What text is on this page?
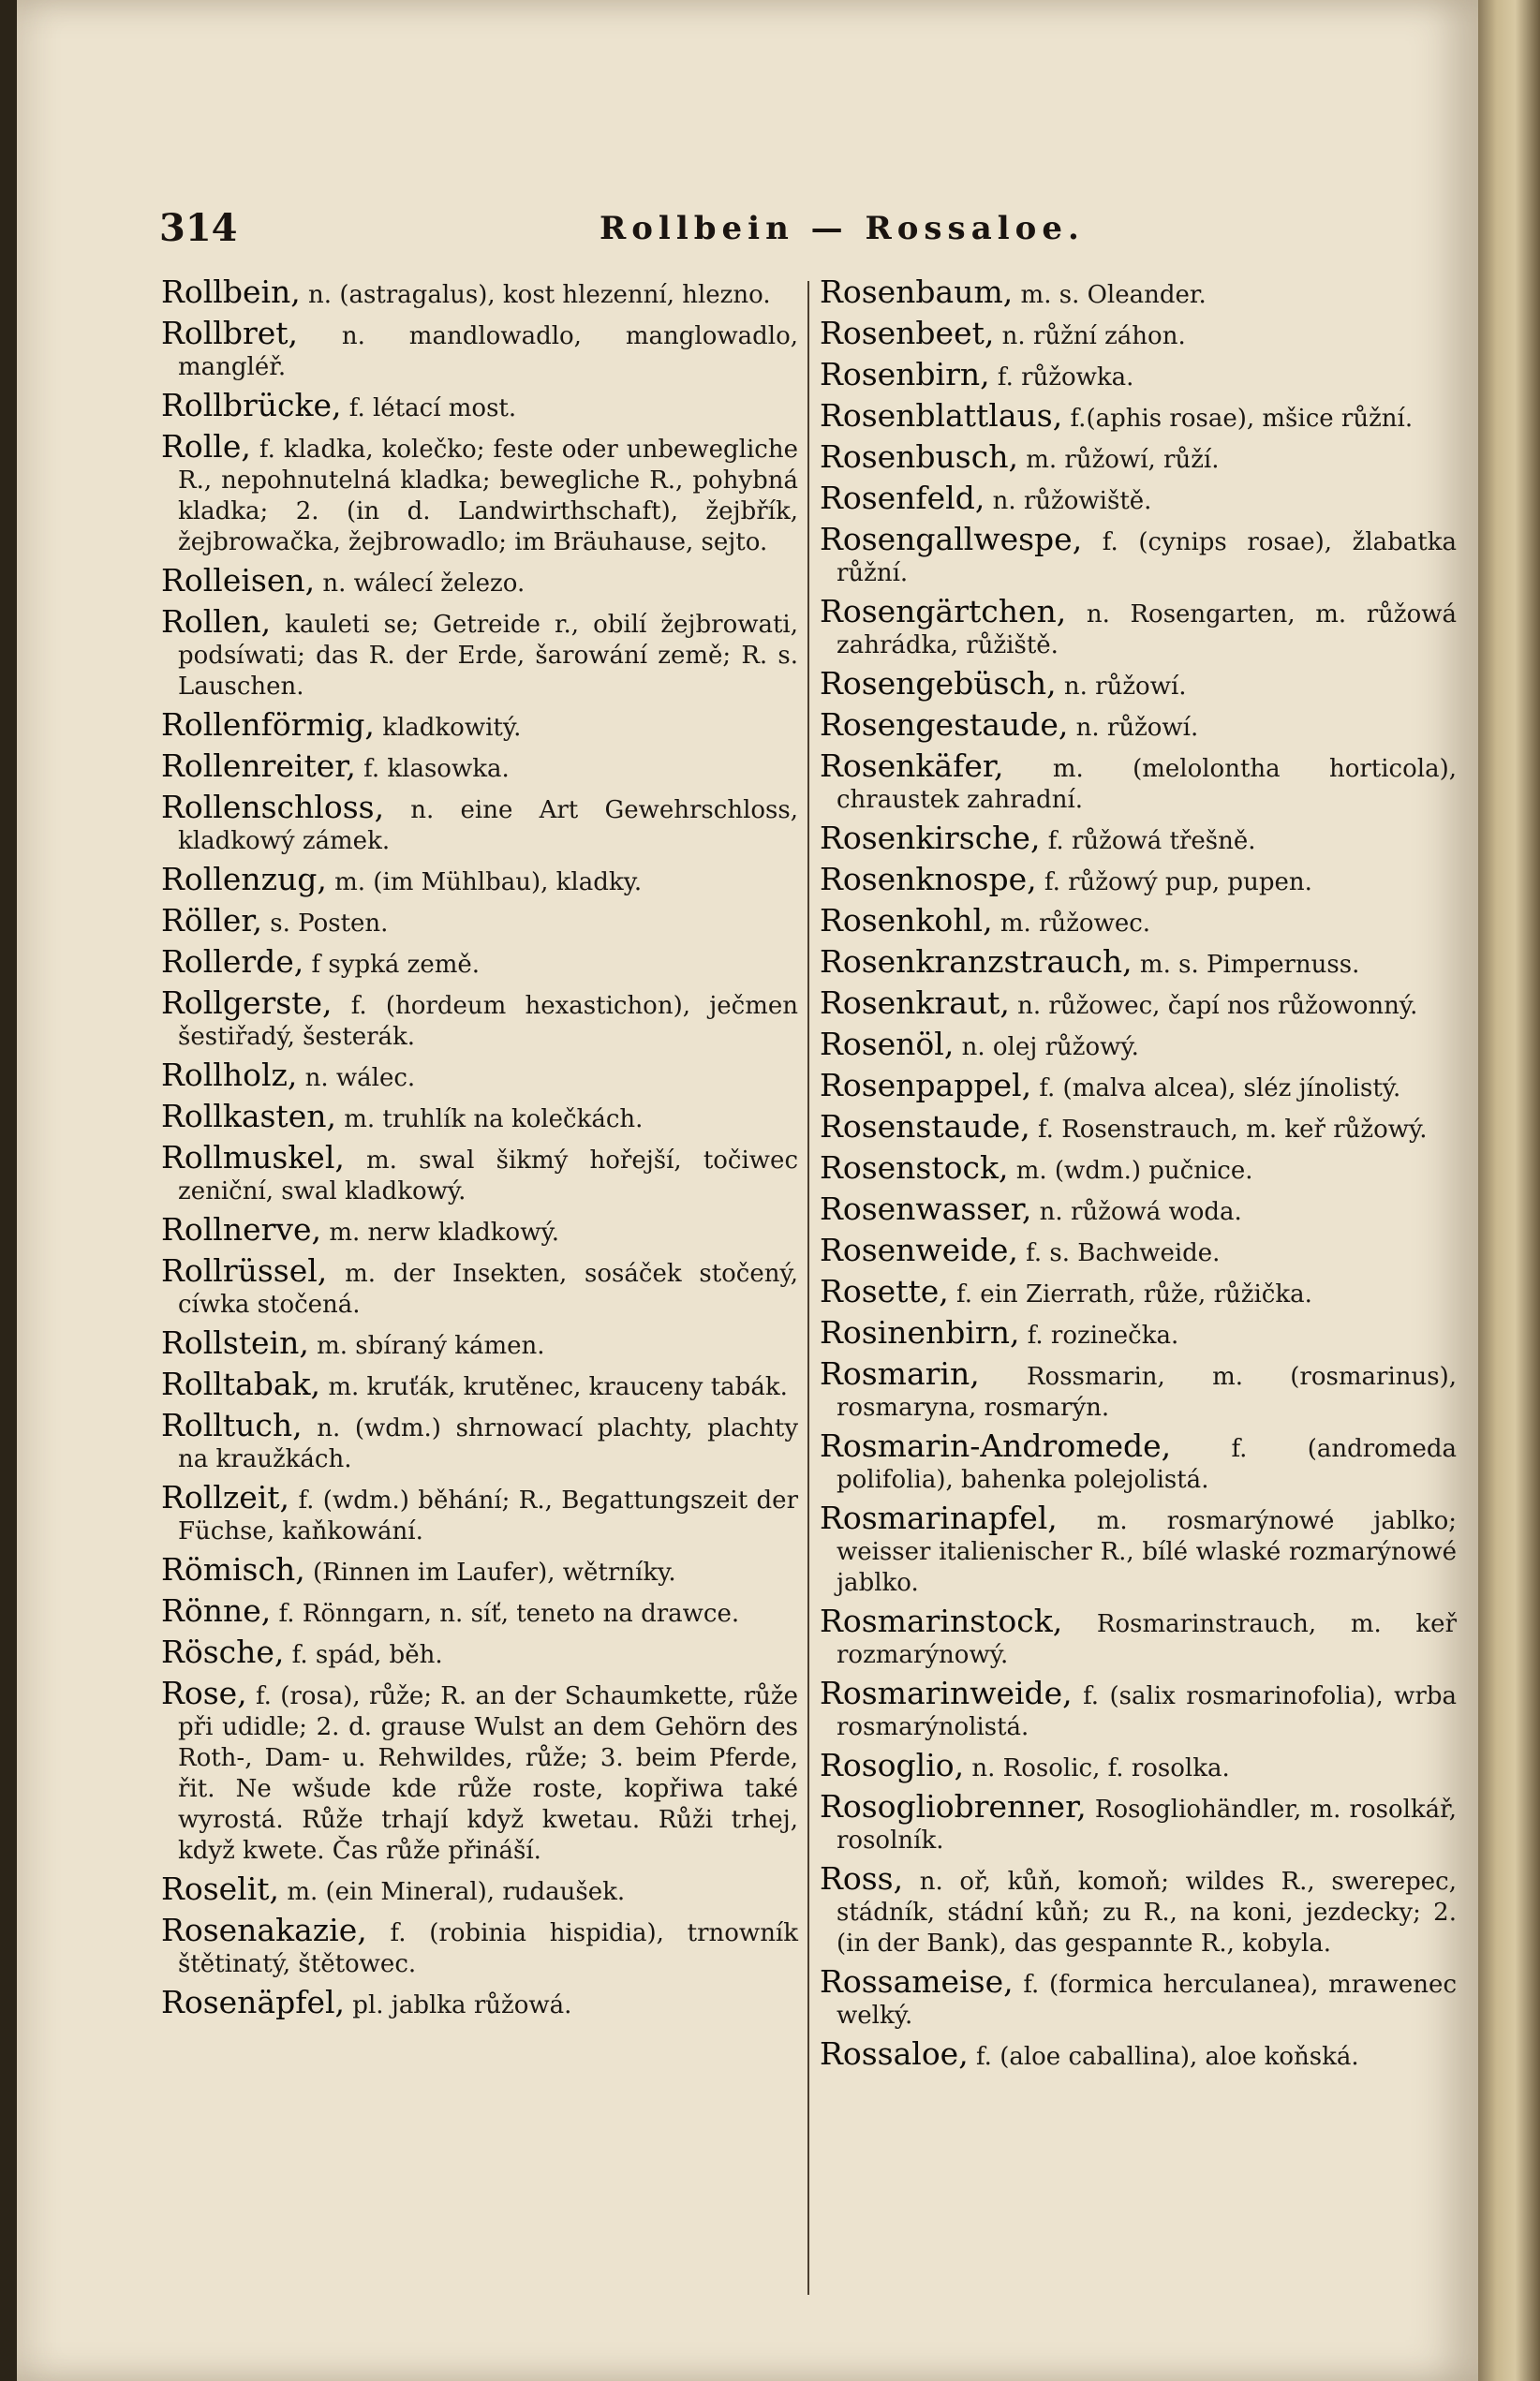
314	Rollbein — Rossaloe.
Rollbein, n. (astragalus), kost hlezenní, hlezno.
Rollbret, n. mandlowadlo, manglowadlo, mangléř.
Rollbrücke, f. létací most.
Rolle, f. kladka, kolečko; feste oder unbewegliche R., nepohnutelná kladka; bewegliche R., pohybná kladka; 2. (in d. Landwirthschaft), žejbřík, žejbrowačka, žejbrowadlo; im Bräuhause, sejto.
Rolleisen, n. wálecí železo.
Rollen, kauleti se; Getreide r., obilí žejbrowati, podsíwati; das R. der Erde, šarowání země; R. s. Lauschen.
Rollenförmig, kladkowitý.
Rollenreiter, f. klasowka.
Rollenschloss, n. eine Art Gewehrschloss, kladkowý zámek.
Rollenzug, m. (im Mühlbau), kladky.
Röller, s. Posten.
Rollerde, f sypká země.
Rollgerste, f. (hordeum hexastichon), ječmen šestiřadý, šesterák.
Rollholz, n. wálec.
Rollkasten, m. truhlík na kolečkách.
Rollmuskel, m. swal šikmý hořejší, točiwec zeniční, swal kladkowý.
Rollnerve, m. nerw kladkowý.
Rollrüssel, m. der Insekten, sosáček stočený, cíwka stočená.
Rollstein, m. sbíraný kámen.
Rolltabak, m. kruťák, krutěnec, krauceny tabák.
Rolltuch, n. (wdm.) shrnowací plachty, plachty na kraužkách.
Rollzeit, f. (wdm.) běhání; R., Begattungszeit der Füchse, kaňkowání.
Römisch, (Rinnen im Laufer), wětrníky.
Rönne, f. Rönngarn, n. síť, teneto na drawce.
Rösche, f. spád, běh.
Rose, f. (rosa), růže; R. an der Schaumkette, růže při udidle; 2. d. grause Wulst an dem Gehörn des Roth-, Dam- u. Rehwildes, růže; 3. beim Pferde, řit. Ne wšude kde růže roste, kopřiwa také wyrostá. Růže trhají když kwetau. Růži trhej, když kwete. Čas růže přináší.
Roselit, m. (ein Mineral), rudaušek.
Rosenakazie, f. (robinia hispidia), trnowník štětinatý, štětowec.
Rosenäpfel, pl. jablka růžowá.
Rosenbaum, m. s. Oleander.
Rosenbeet, n. růžní záhon.
Rosenbirn, f. růžowka.
Rosenblattlaus, f.(aphis rosae), mšice růžní.
Rosenbusch, m. růžowí, růží.
Rosenfeld, n. růžowiště.
Rosengallwespe, f. (cynips rosae), žlabatka růžní.
Rosengärtchen, n. Rosengarten, m. růžowá zahrádka, růžiště.
Rosengebüsch, n. růžowí.
Rosengestaude, n. růžowí.
Rosenkäfer, m. (melolontha horticola), chraustek zahradní.
Rosenkirsche, f. růžowá třešně.
Rosenknospe, f. růžowý pup, pupen.
Rosenkohl, m. růžowec.
Rosenkranzstrauch, m. s. Pimpernuss.
Rosenkraut, n. růžowec, čapí nos růžowonný.
Rosenöl, n. olej růžowý.
Rosenpappel, f. (malva alcea), sléz jínolistý.
Rosenstaude, f. Rosenstrauch, m. keř růžowý.
Rosenstock, m. (wdm.) pučnice.
Rosenwasser, n. růžowá woda.
Rosenweide, f. s. Bachweide.
Rosette, f. ein Zierrath, růže, růžička.
Rosinenbirn, f. rozinečka.
Rosmarin, Rossmarin, m. (rosmarinus), rosmaryna, rosmarýn.
Rosmarin-Andromede, f. (andromeda polifolia), bahenka polejolistá.
Rosmarinapfel, m. rosmarýnowé jablko; weisser italienischer R., bílé wlaské rozmarýnowé jablko.
Rosmarinstock, Rosmarinstrauch, m. keř rozmarýnowý.
Rosmarinweide, f. (salix rosmarinofolia), wrba rosmarýnolistá.
Rosoglio, n. Rosolic, f. rosolka.
Rosogliobrenner, Rosogliohändler, m. rosolkář, rosolník.
Ross, n. oř, kůň, komoň; wildes R., swereрес, stádník, stádní kůň; zu R., na koni, jezdecky; 2. (in der Bank), das gespannte R., kobyla.
Rossameise, f. (formica herculanea), mrawenec welký.
Rossaloe, f. (aloe caballina), aloe koňská.
